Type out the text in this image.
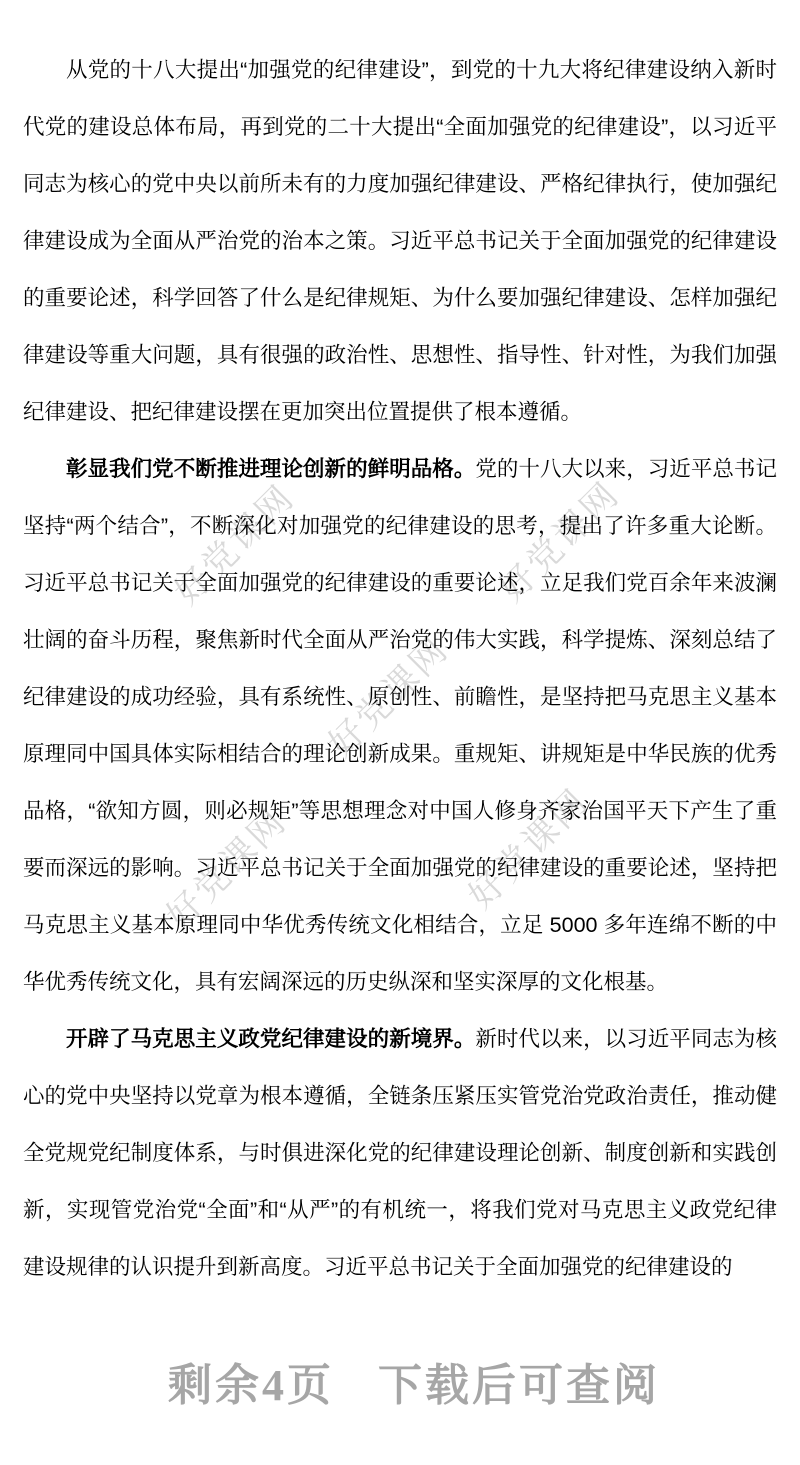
好党课网	好党课网
好党课网
好党课网	好党课网

从党的十八大提出“加强党的纪律建设”，到党的十九大将纪律建设纳入新时代党的建设总体布局，再到党的二十大提出“全面加强党的纪律建设”，以习近平同志为核心的党中央以前所未有的力度加强纪律建设、严格纪律执行，使加强纪律建设成为全面从严治党的治本之策。习近平总书记关于全面加强党的纪律建设的重要论述，科学回答了什么是纪律规矩、为什么要加强纪律建设、怎样加强纪律建设等重大问题，具有很强的政治性、思想性、指导性、针对性，为我们加强纪律建设、把纪律建设摆在更加突出位置提供了根本遵循。

彰显我们党不断推进理论创新的鲜明品格。党的十八大以来，习近平总书记坚持“两个结合”，不断深化对加强党的纪律建设的思考，提出了许多重大论断。习近平总书记关于全面加强党的纪律建设的重要论述，立足我们党百余年来波澜壮阔的奋斗历程，聚焦新时代全面从严治党的伟大实践，科学提炼、深刻总结了纪律建设的成功经验，具有系统性、原创性、前瞻性，是坚持把马克思主义基本原理同中国具体实际相结合的理论创新成果。重规矩、讲规矩是中华民族的优秀品格，“欲知方圆，则必规矩”等思想理念对中国人修身齐家治国平天下产生了重要而深远的影响。习近平总书记关于全面加强党的纪律建设的重要论述，坚持把马克思主义基本原理同中华优秀传统文化相结合，立足 5000 多年连绵不断的中华优秀传统文化，具有宏阔深远的历史纵深和坚实深厚的文化根基。

开辟了马克思主义政党纪律建设的新境界。新时代以来，以习近平同志为核心的党中央坚持以党章为根本遵循，全链条压紧压实管党治党政治责任，推动健全党规党纪制度体系，与时俱进深化党的纪律建设理论创新、制度创新和实践创新，实现管党治党“全面”和“从严”的有机统一，将我们党对马克思主义政党纪律建设规律的认识提升到新高度。习近平总书记关于全面加强党的纪律建设的

剩余4页 下载后可查阅
